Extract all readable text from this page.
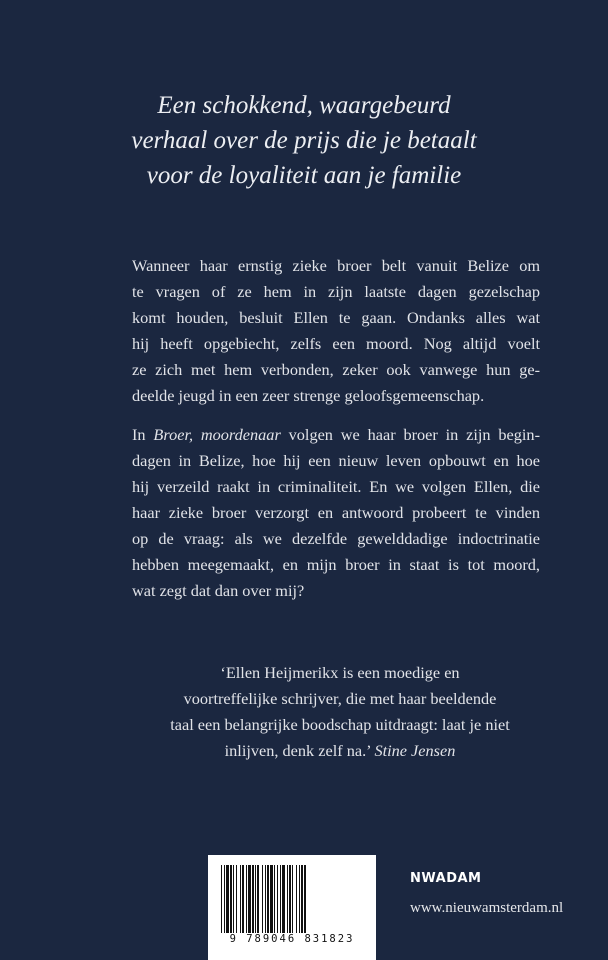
Een schokkend, waargebeurd
verhaal over de prijs die je betaalt
voor de loyaliteit aan je familie
Wanneer haar ernstig zieke broer belt vanuit Belize om
te vragen of ze hem in zijn laatste dagen gezelschap
komt houden, besluit Ellen te gaan. Ondanks alles wat
hij heeft opgebiecht, zelfs een moord. Nog altijd voelt
ze zich met hem verbonden, zeker ook vanwege hun ge-
deelde jeugd in een zeer strenge geloofsgemeenschap.
In Broer, moordenaar volgen we haar broer in zijn begin-
dagen in Belize, hoe hij een nieuw leven opbouwt en hoe
hij verzeild raakt in criminaliteit. En we volgen Ellen, die
haar zieke broer verzorgt en antwoord probeert te vinden
op de vraag: als we dezelfde gewelddadige indoctrinatie
hebben meegemaakt, en mijn broer in staat is tot moord,
wat zegt dat dan over mij?
‘Ellen Heijmerikx is een moedige en
voortreffelijke schrijver, die met haar beeldende
taal een belangrijke boodschap uitdraagt: laat je niet
inlijven, denk zelf na.’ Stine Jensen
9 789046 831823
NWADAM
www.nieuwamsterdam.nl
